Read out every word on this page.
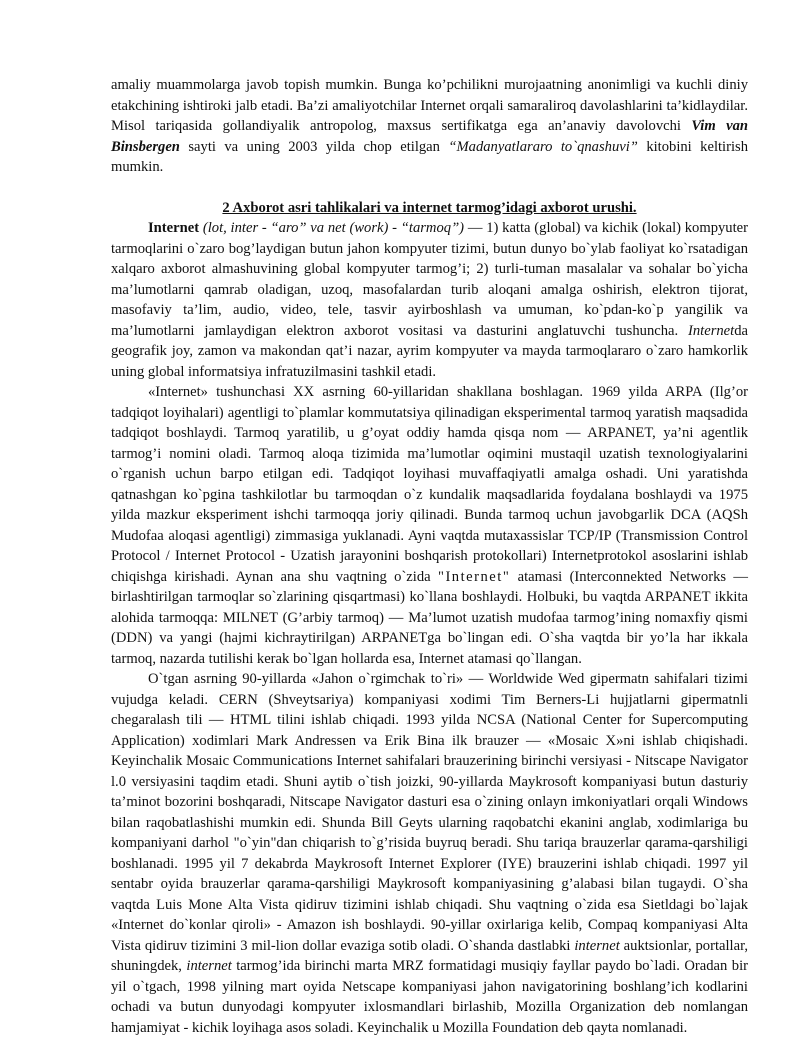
amaliy muammolarga javob topish mumkin. Bunga ko’pchilikni murojaatning anonimligi va kuchli diniy etakchining ishtiroki jalb etadi. Ba’zi amaliyotchilar Internet orqali samaraliroq davolashlarini ta’kidlaydilar. Misol tariqasida gollandiyalik antropolog, maxsus sertifikatga ega an’anaviy davolovchi Vim van Binsbergen sayti va uning 2003 yilda chop etilgan “Madanyatlararo to`qnashuvi” kitobini keltirish mumkin.

2 Axborot asri tahlikalari va internet tarmog’idagi axborot urushi.

Internet (lot, inter - “aro” va net (work) - “tarmoq”) — 1) katta (global) va kichik (lokal) kompyuter tarmoqlarini o`zaro bog’laydigan butun jahon kompyuter tizimi, butun dunyo bo`ylab faoliyat ko`rsatadigan xalqaro axborot almashuvining global kompyuter tarmog’i; 2) turli-tuman masalalar va sohalar bo`yicha ma’lumotlarni qamrab oladigan, uzoq, masofalardan turib aloqani amalga oshirish, elektron tijorat, masofaviy ta’lim, audio, video, tele, tasvir ayirboshlash va umuman, ko`pdan-ko`p yangilik va ma’lumotlarni jamlaydigan elektron axborot vositasi va dasturini anglatuvchi tushuncha. Internetda geografik joy, zamon va makondan qat’i nazar, ayrim kompyuter va mayda tarmoqlararo o`zaro hamkorlik uning global informatsiya infratuzilmasini tashkil etadi.

«Internet» tushunchasi XX asrning 60-yillaridan shakllana boshlagan. 1969 yilda ARPA (Ilg’or tadqiqot loyihalari) agentligi to`plamlar kommutatsiya qilinadigan eksperimental tarmoq yaratish maqsadida tadqiqot boshlaydi. Tarmoq yaratilib, u g’oyat oddiy hamda qisqa nom — ARPANET, ya’ni agentlik tarmog’i nomini oladi. Tarmoq aloqa tizimida ma’lumotlar oqimini mustaqil uzatish texnologiyalarini o`rganish uchun barpo etilgan edi. Tadqiqot loyihasi muvaffaqiyatli amalga oshadi. Uni yaratishda qatnashgan ko`pgina tashkilotlar bu tarmoqdan o`z kundalik maqsadlarida foydalana boshlaydi va 1975 yilda mazkur eksperiment ishchi tarmoqqa joriy qilinadi. Bunda tarmoq uchun javobgarlik DCA (AQSh Mudofaa aloqasi agentligi) zimmasiga yuklanadi. Ayni vaqtda mutaxassislar TCP/IP (Transmission Control Protocol / Internet Protocol - Uzatish jarayonini boshqarish protokollari) Internetprotokol asoslarini ishlab chiqishga kirishadi. Aynan ana shu vaqtning o`zida "Internet" atamasi (Interconnekted Networks — birlashtirilgan tarmoqlar so`zlarining qisqartmasi) ko`llana boshlaydi. Holbuki, bu vaqtda ARPANET ikkita alohida tarmoqqa: MILNET (G’arbiy tarmoq) — Ma’lumot uzatish mudofaa tarmog’ining nomaxfiy qismi (DDN) va yangi (hajmi kichraytirilgan) ARPANETga bo`lingan edi. O`sha vaqtda bir yo’la har ikkala tarmoq, nazarda tutilishi kerak bo`lgan hollarda esa, Internet atamasi qo`llangan.

O`tgan asrning 90-yillarda «Jahon o`rgimchak to`ri» — Worldwide Wed gipermatn sahifalari tizimi vujudga keladi. CERN (Shveytsariya) kompaniyasi xodimi Tim Berners-Li hujjatlarni gipermatnli chegaralash tili — HTML tilini ishlab chiqadi. 1993 yilda NCSA (National Center for Supercomputing Application) xodimlari Mark Andressen va Erik Bina ilk brauzer — «Mosaic X»ni ishlab chiqishadi. Keyinchalik Mosaic Communications Internet sahifalari brauzerining birinchi versiyasi - Nitscape Navigator l.0 versiyasini taqdim etadi. Shuni aytib o`tish joizki, 90-yillarda Maykrosoft kompaniyasi butun dasturiy ta’minot bozorini boshqaradi, Nitscape Navigator dasturi esa o`zining onlayn imkoniyatlari orqali Windows bilan raqobatlashishi mumkin edi. Shunda Bill Geyts ularning raqobatchi ekanini anglab, xodimlariga bu kompaniyani darhol "o`yin"dan chiqarish to`g’risida buyruq beradi. Shu tariqa brauzerlar qarama-qarshiligi boshlanadi. 1995 yil 7 dekabrda Maykrosoft Internet Explorer (IYE) brauzerini ishlab chiqadi. 1997 yil sentabr oyida brauzerlar qarama-qarshiligi Maykrosoft kompaniyasining g’alabasi bilan tugaydi. O`sha vaqtda Luis Mone Alta Vista qidiruv tizimini ishlab chiqadi. Shu vaqtning o`zida esa Sietldagi bo`lajak «Internet do`konlar qiroli» - Amazon ish boshlaydi. 90-yillar oxirlariga kelib, Compaq kompaniyasi Alta Vista qidiruv tizimini 3 mil-lion dollar evaziga sotib oladi. O`shanda dastlabki internet auktsionlar, portallar, shuningdek, internet tarmog’ida birinchi marta MRZ formatidagi musiqiy fayllar paydo bo`ladi. Oradan bir yil o`tgach, 1998 yilning mart oyida Netscape kompaniyasi jahon navigatorining boshlang’ich kodlarini ochadi va butun dunyodagi kompyuter ixlosmandlari birlashib, Mozilla Organization deb nomlangan hamjamiyat - kichik loyihaga asos soladi. Keyinchalik u Mozilla Foundation deb qayta nomlanadi.
